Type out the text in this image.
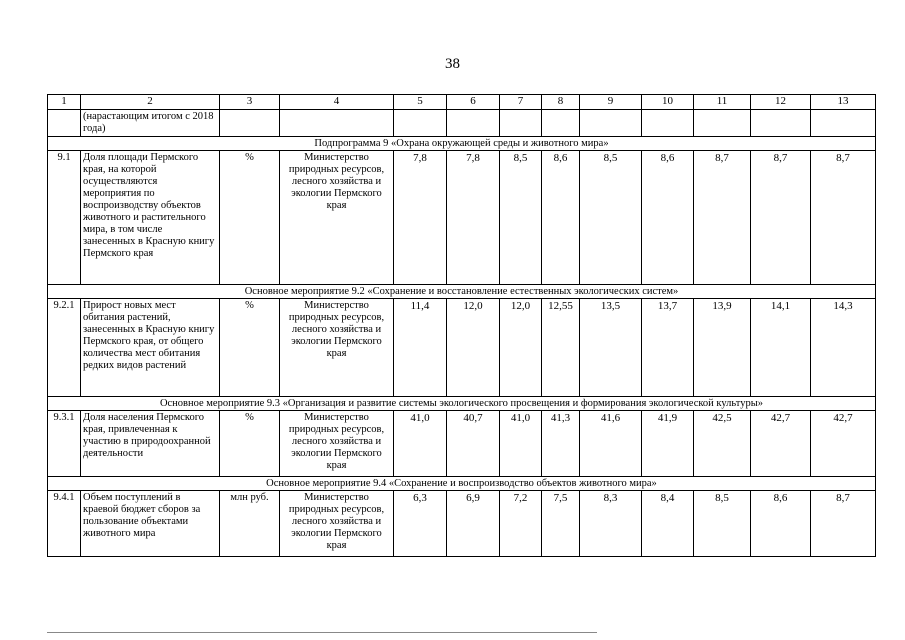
38
1	2	3	4	5	6	7	8	9	10	11	12	13
	(нарастающим итогом с 2018 года)											
Подпрограмма 9 «Охрана окружающей среды и животного мира»												
9.1	Доля площади Пермского края, на которой осуществляются мероприятия по воспроизводству объектов животного и растительного мира, в том числе занесенных в Красную книгу Пермского края	%	Министерство природных ресурсов, лесного хозяйства и экологии Пермского края	7,8	7,8	8,5	8,6	8,5	8,6	8,7	8,7	8,7
Основное мероприятие 9.2 «Сохранение и восстановление естественных экологических систем»												
9.2.1	Прирост новых мест обитания растений, занесенных в Красную книгу Пермского края, от общего количества мест обитания редких видов растений	%	Министерство природных ресурсов, лесного хозяйства и экологии Пермского края	11,4	12,0	12,0	12,55	13,5	13,7	13,9	14,1	14,3
Основное мероприятие 9.3 «Организация и развитие системы экологического просвещения и формирования экологической культуры»												
9.3.1	Доля населения Пермского края, привлеченная к участию в природоохранной деятельности	%	Министерство природных ресурсов, лесного хозяйства и экологии Пермского края	41,0	40,7	41,0	41,3	41,6	41,9	42,5	42,7	42,7
Основное мероприятие 9.4 «Сохранение и воспроизводство объектов животного мира»												
9.4.1	Объем поступлений в краевой бюджет сборов за пользование объектами животного мира	млн руб.	Министерство природных ресурсов, лесного хозяйства и экологии Пермского края	6,3	6,9	7,2	7,5	8,3	8,4	8,5	8,6	8,7
